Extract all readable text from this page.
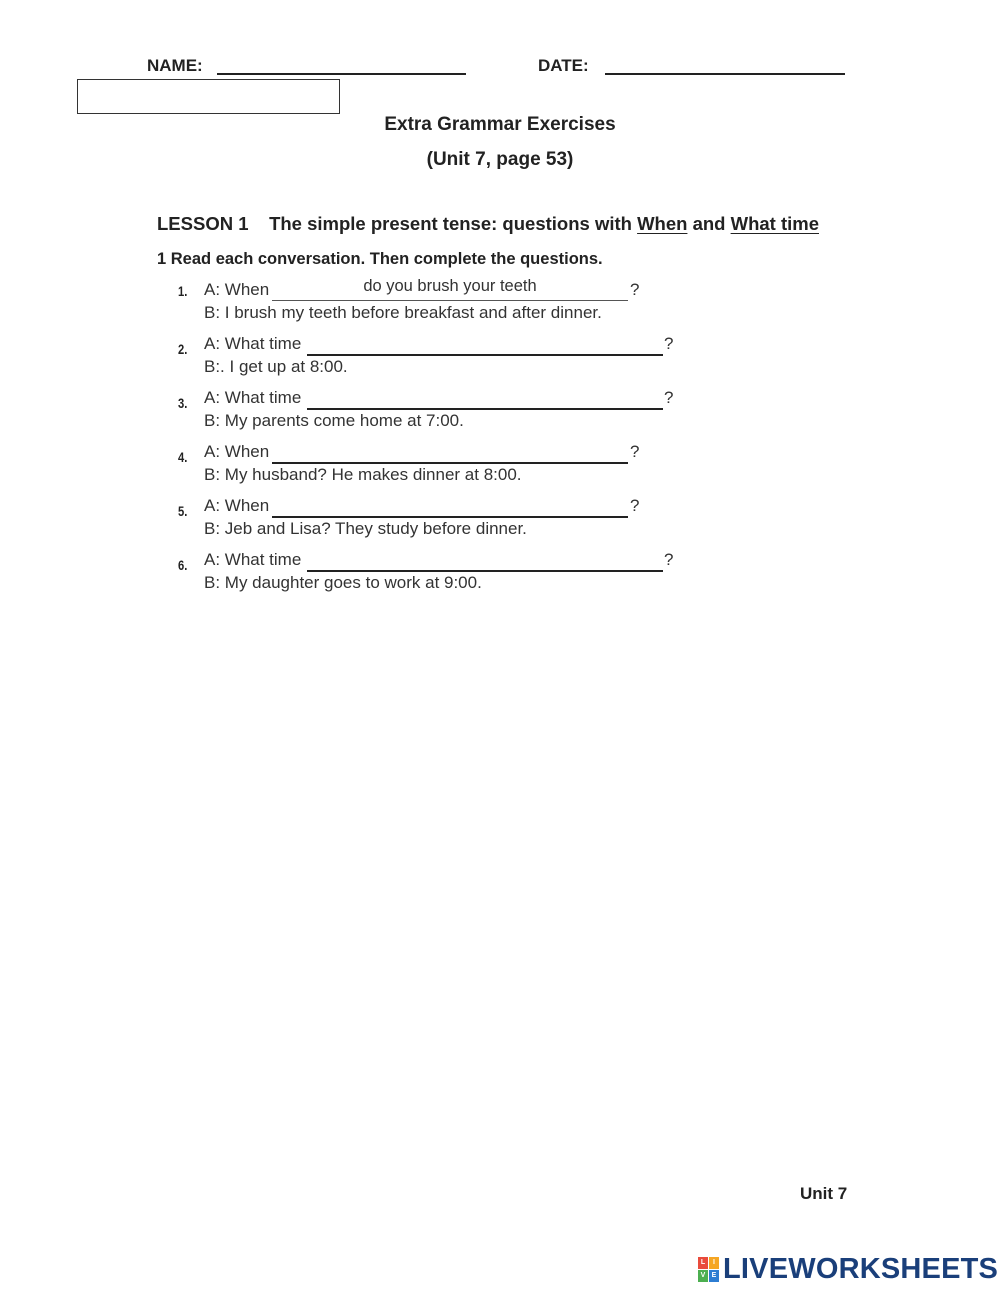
NAME:	DATE:
Extra Grammar Exercises
(Unit 7, page 53)
LESSON 1 The simple present tense: questions with When and What time
1 Read each conversation. Then complete the questions.
1. A: When
do you brush your teeth	?
B: I brush my teeth before breakfast and after dinner.
2. A: What time	?
B:. I get up at 8:00.
3. A: What time	?
B: My parents come home at 7:00.
4. A: When	?
B: My husband? He makes dinner at 8:00.
5. A: When	?
B: Jeb and Lisa? They study before dinner.
6. A: What time	?
B: My daughter goes to work at 9:00.
Unit 7
L	I
V E LIVEWORKSHEETS
